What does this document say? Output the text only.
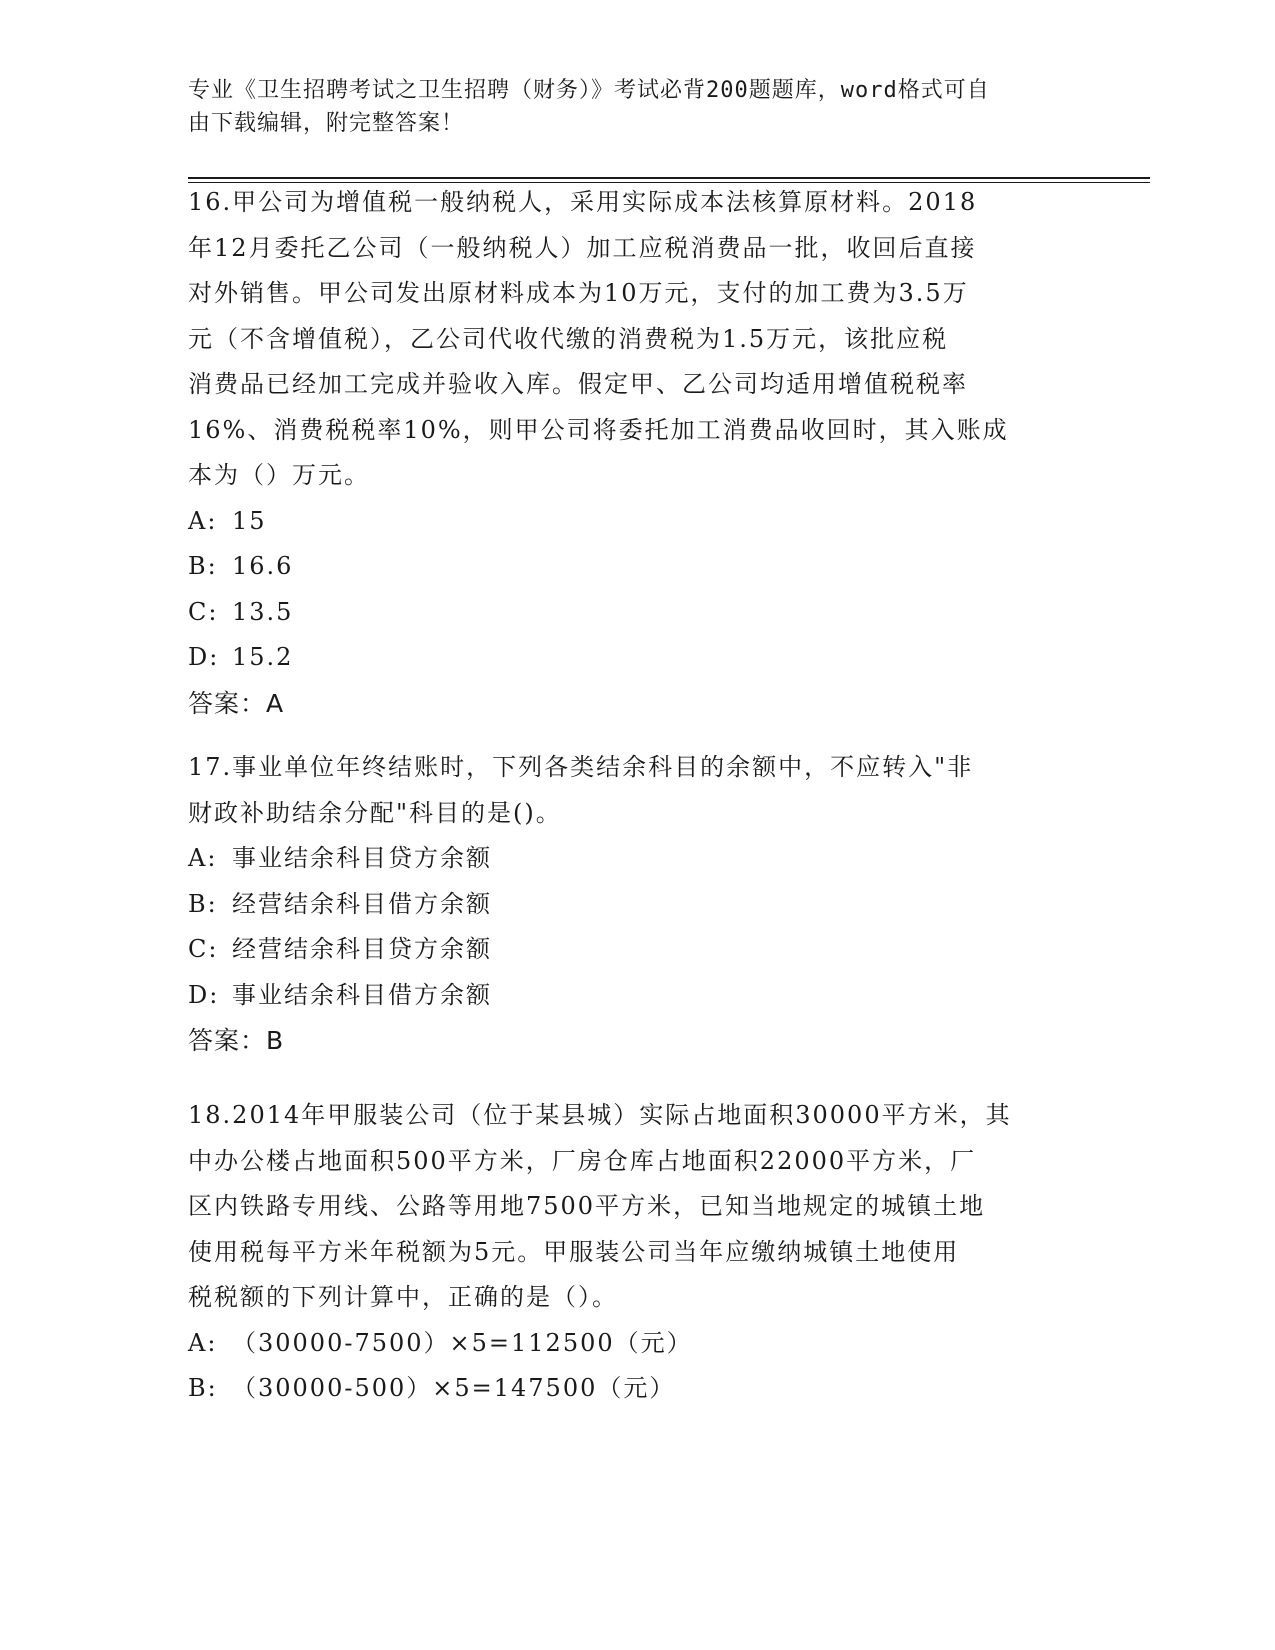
专业《卫生招聘考试之卫生招聘（财务）》考试必背200题题库，word格式可自
由下载编辑，附完整答案！

16.甲公司为增值税一般纳税人，采用实际成本法核算原材料。2018

年12月委托乙公司（一般纳税人）加工应税消费品一批，收回后直接

对外销售。甲公司发出原材料成本为10万元，支付的加工费为3.5万

元（不含增值税），乙公司代收代缴的消费税为1.5万元，该批应税

消费品已经加工完成并验收入库。假定甲、乙公司均适用增值税税率

16%、消费税税率10%，则甲公司将委托加工消费品收回时，其入账成

本为（）万元。

A: 15
B: 16.6
C: 13.5
D: 15.2

答案：A

17.事业单位年终结账时，下列各类结余科目的余额中，不应转入"非

财政补助结余分配"科目的是()。

A: 事业结余科目贷方余额
B: 经营结余科目借方余额
C: 经营结余科目贷方余额
D: 事业结余科目借方余额

答案：B

18.2014年甲服装公司（位于某县城）实际占地面积30000平方米，其

中办公楼占地面积500平方米，厂房仓库占地面积22000平方米，厂

区内铁路专用线、公路等用地7500平方米，已知当地规定的城镇土地

使用税每平方米年税额为5元。甲服装公司当年应缴纳城镇土地使用

税税额的下列计算中，正确的是（）。

A: （30000-7500）×5=112500（元）
B: （30000-500）×5=147500（元）
